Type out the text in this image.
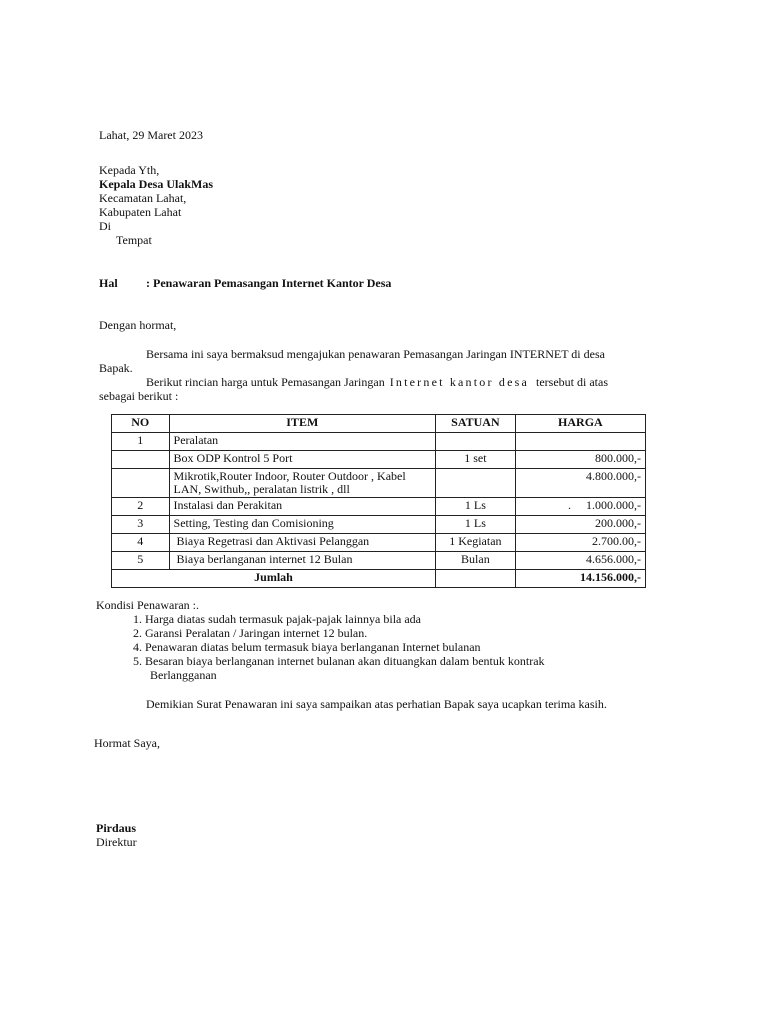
Lahat, 29 Maret 2023
Kepada Yth,
Kepala Desa UlakMas
Kecamatan Lahat,
Kabupaten Lahat
Di
Tempat
Hal : Penawaran Pemasangan Internet Kantor Desa
Dengan hormat,
Bersama ini saya bermaksud mengajukan penawaran Pemasangan Jaringan INTERNET di desa
Bapak.
Berikut rincian harga untuk Pemasangan Jaringan Internet kantor desa tersebut di atas
sebagai berikut :
NO	ITEM	SATUAN	HARGA
1	Peralatan		
	Box ODP Kontrol 5 Port	1 set	800.000,-
	Mikrotik,Router Indoor, Router Outdoor , Kabel LAN, Swithub,, peralatan listrik , dll		4.800.000,-
2	Instalasi dan Perakitan	1 Ls	.     1.000.000,-
3	Setting, Testing dan Comisioning	1 Ls	200.000,-
4	Biaya Regetrasi dan Aktivasi Pelanggan	1 Kegiatan	2.700.00,-
5	Biaya berlanganan internet 12 Bulan	Bulan	4.656.000,-
Jumlah			14.156.000,-
Kondisi Penawaran :.
1. Harga diatas sudah termasuk pajak-pajak lainnya bila ada
2. Garansi Peralatan / Jaringan internet 12 bulan.
4. Penawaran diatas belum termasuk biaya berlanganan Internet bulanan
5. Besaran biaya berlanganan internet bulanan akan dituangkan dalam bentuk kontrak
Berlangganan
Demikian Surat Penawaran ini saya sampaikan atas perhatian Bapak saya ucapkan terima kasih.
Hormat Saya,
Pirdaus
Direktur
